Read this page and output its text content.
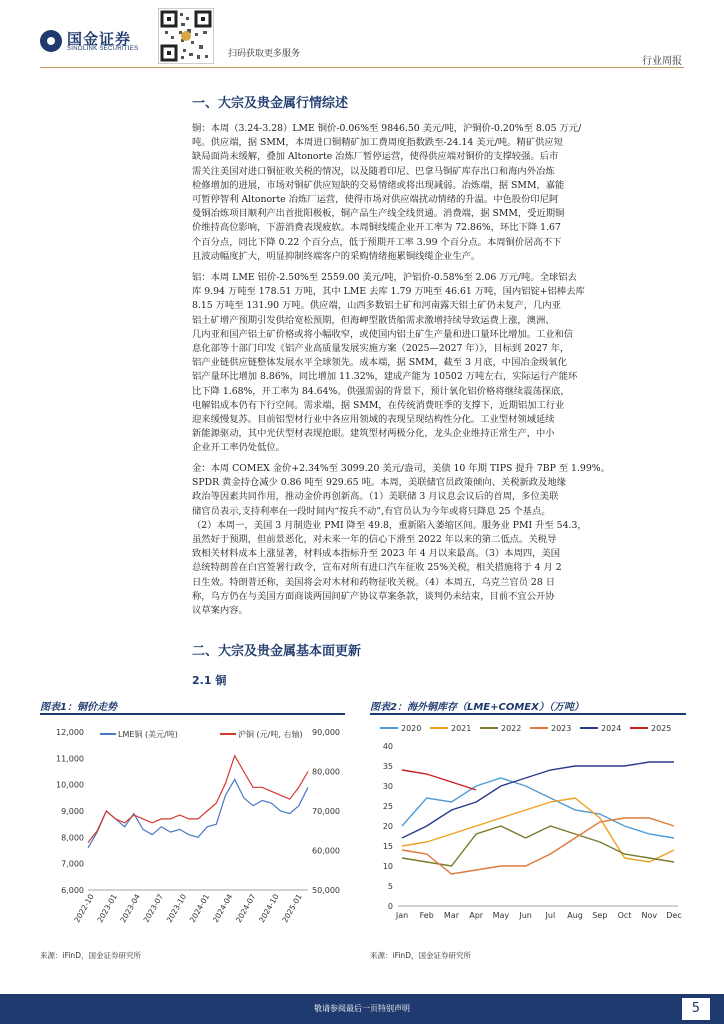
国金证券
SINOLINK SECURITIES	扫码获取更多服务
行业周报
一、大宗及贵金属行情综述
铜：本周（3.24-3.28）LME 铜价-0.06%至 9846.50 美元/吨，沪铜价-0.20%至 8.05 万元/
吨。供应端，据 SMM，本周进口铜精矿加工费周度指数跌至-24.14 美元/吨。精矿供应短
缺局面尚未缓解，叠加 Altonorte 冶炼厂暂停运营，使得供应端对铜价的支撑较强。后市
需关注美国对进口铜征收关税的情况，以及随着印尼、巴拿马铜矿库存出口和海内外冶炼
检修增加的进展，市场对铜矿供应短缺的交易情绪或将出现减弱。冶炼端，据 SMM，嘉能
可暂停智利 Altonorte 冶炼厂运营，使得市场对供应端扰动情绪的升温。中色股份印尼阿
曼铜冶炼项目顺利产出首批阳极板，铜产品生产线全线贯通。消费端，据 SMM，受近期铜
价维持高位影响，下游消费表现疲软。本周铜线缆企业开工率为 72.86%，环比下降 1.67
个百分点，同比下降 0.22 个百分点，低于预期开工率 3.99 个百分点。本周铜价居高不下
且波动幅度扩大，明显抑制终端客户的采购情绪拖累铜线缆企业生产。
铝：本周 LME 铝价-2.50%至 2559.00 美元/吨，沪铝价-0.58%至 2.06 万元/吨。全球铝去
库 9.94 万吨至 178.51 万吨，其中 LME 去库 1.79 万吨至 46.61 万吨，国内铝锭+铝棒去库
8.15 万吨至 131.90 万吨。供应端，山西多数铝土矿和河南露天铝土矿仍未复产，几内亚
铝土矿增产预期引发供给宽松预期，但海岬型散货船需求激增持续导致运费上涨，澳洲、
几内亚和国产铝土矿价格或将小幅收窄，或使国内铝土矿生产量和进口量环比增加。工业和信
息化部等十部门印发《铝产业高质量发展实施方案（2025—2027 年）》，目标到 2027 年，
铝产业链供应链整体发展水平全球领先。成本端，据 SMM，截至 3 月底，中国冶金级氧化
铝产量环比增加 8.86%，同比增加 11.32%，建成产能为 10502 万吨左右，实际运行产能环
比下降 1.68%，开工率为 84.64%。供强需弱的背景下，预计氧化铝价格将继续震荡探底，
电解铝成本仍有下行空间。需求端，据 SMM，在传统消费旺季的支撑下，近期铝加工行业
迎来缓慢复苏。目前铝型材行业中各应用领域的表现呈现结构性分化。工业型材领域延续
新能源驱动，其中光伏型材表现抢眼。建筑型材两极分化，龙头企业维持正常生产，中小
企业开工率仍处低位。
金：本周 COMEX 金价+2.34%至 3099.20 美元/盎司，美债 10 年期 TIPS 提升 7BP 至 1.99%。
SPDR 黄金持仓减少 0.86 吨至 929.65 吨。本周，美联储官员政策倾向、关税新政及地缘
政治等因素共同作用，推动金价再创新高。（1）美联储 3 月议息会议后的首周，多位美联
储官员表示,支持利率在一段时间内“按兵不动”,有官员认为今年或将只降息 25 个基点。
（2）本周一，美国 3 月制造业 PMI 降至 49.8，重新陷入萎缩区间。服务业 PMI 升至 54.3，
虽然好于预期，但前景恶化，对未来一年的信心下滑至 2022 年以来的第二低点。关税导
致相关材料成本上涨显著，材料成本指标升至 2023 年 4 月以来最高。（3）本周四，美国
总统特朗普在白宫签署行政令，宣布对所有进口汽车征收 25%关税，相关措施将于 4 月 2
日生效。特朗普还称，美国将会对木材和药物征收关税。（4）本周五，乌克兰官员 28 日
称，乌方仍在与美国方面商谈两国间矿产协议草案条款，谈判仍未结束，目前不宜公开协
议草案内容。
二、大宗及贵金属基本面更新
2.1 铜
图表1：铜价走势
12,000
11,000
10,000
9,000
8,000
7,000
6,000
90,000
80,000
70,000
60,000
50,000
2022-10 2023-01 2023-04 2023-07 2023-10 2024-01 2024-04 2024-07 2024-10 2025-01
LME铜 (美元/吨)	沪铜 (元/吨, 右轴)
来源：iFinD，国金证券研究所
图表2：海外铜库存（LME+COMEX）（万吨）
40
35
30
25
20
15
10
5
0
Jan Feb Mar Apr May Jun Jul Aug Sep Oct Nov Dec
2020	2021	2022	2023	2024	2025
来源：iFinD，国金证券研究所
敬请参阅最后一页特别声明	5
